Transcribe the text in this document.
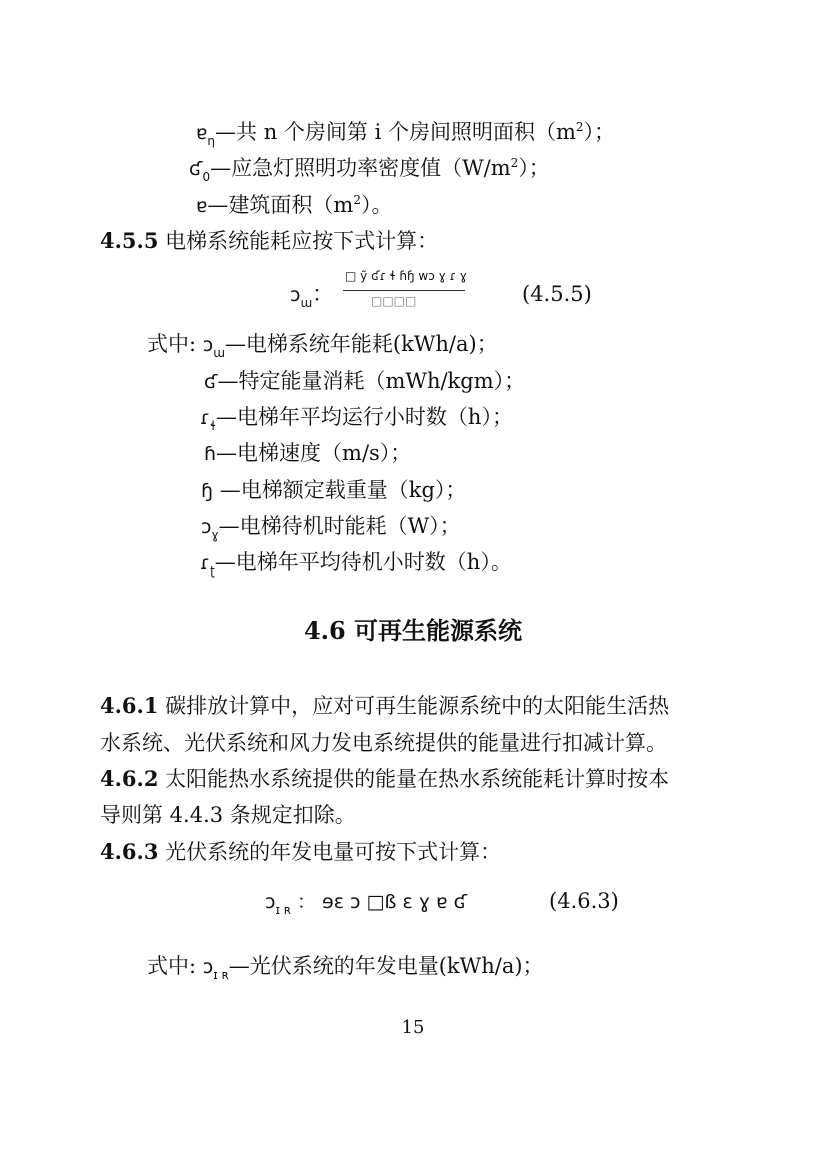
ɐ$_\eta$—共 n 个房间第 i 个房间照明面积$(m^2)$；
ʛ$_0$—应急灯照明功率密度值$(W/m^2)$；
ɐ—建筑面积$(m^2)$。
4.5.5 电梯系统能耗应按下式计算：
ɔ$_ɯ$：
□ ỹ ʛɾ ɬ ɦɧ wɔ ɣ ɾ ɣ
□□□□	(4.5.5)
式中: ɔ$_ɯ$—电梯系统年能耗(kWh/a)；
ʛ—特定能量消耗（mWh/kgm）；
ɾ$_ɬ$—电梯年平均运行小时数（h）；
ɦ—电梯速度（m/s）；
ɧ —电梯额定载重量（kg）；
ɔ$_ɣ$—电梯待机时能耗（W）；
ɾ$_ʈ$—电梯年平均待机小时数（h）。
4.6 可再生能源系统
4.6.1 碳排放计算中，应对可再生能源系统中的太阳能生活热
水系统、光伏系统和风力发电系统提供的能量进行扣减计算。
4.6.2 太阳能热水系统提供的能量在热水系统能耗计算时按本
导则第 4.4.3 条规定扣除。
4.6.3 光伏系统的年发电量可按下式计算：
ɔ$_{ɪ ʀ}$ ： ɘɛ ɔ □ß ɛ ɣ ɐ ʛ	(4.6.3)
式中: ɔ$_{ɪ ʀ}$—光伏系统的年发电量(kWh/a)；
15
